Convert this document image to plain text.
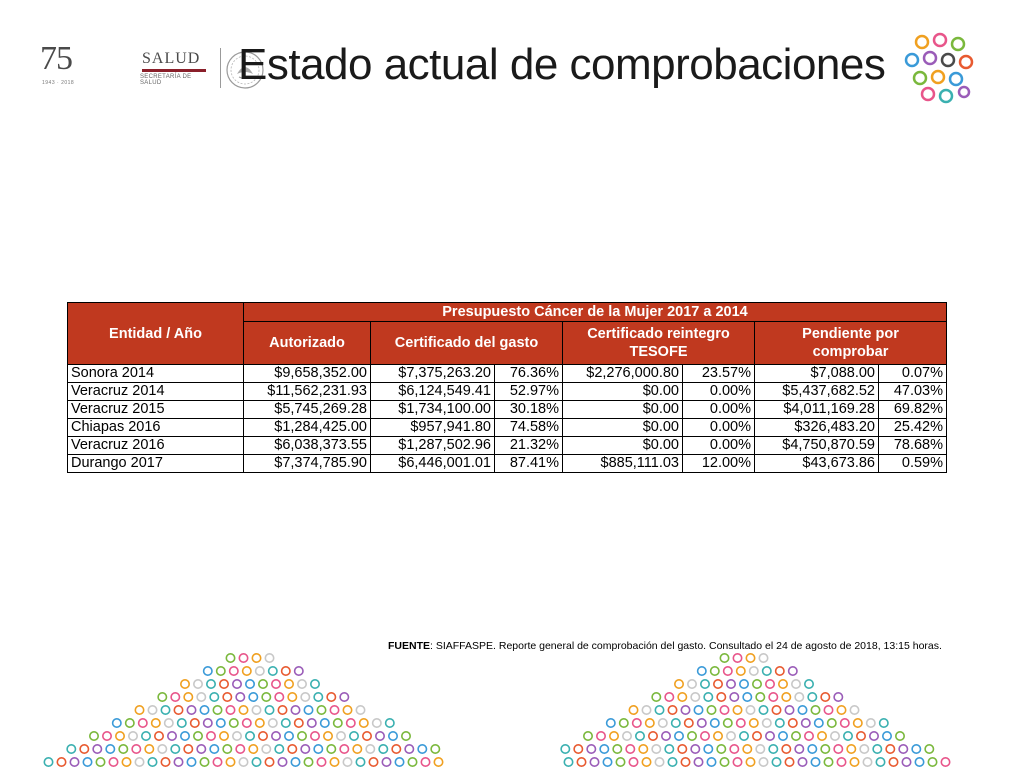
75
1943 · 2018
SALUD
SECRETARÍA DE SALUD	Estado actual de comprobaciones
Entidad / Año	Presupuesto Cáncer de la Mujer 2017 a 2014						
	Autorizado	Certificado del gasto		Certificado reintegro
TESOFE		Pendiente por
comprobar	
Sonora 2014	$9,658,352.00	$7,375,263.20	76.36%	$2,276,000.80	23.57%	$7,088.00	0.07%
Veracruz 2014	$11,562,231.93	$6,124,549.41	52.97%	$0.00	0.00%	$5,437,682.52	47.03%
Veracruz 2015	$5,745,269.28	$1,734,100.00	30.18%	$0.00	0.00%	$4,011,169.28	69.82%
Chiapas 2016	$1,284,425.00	$957,941.80	74.58%	$0.00	0.00%	$326,483.20	25.42%
Veracruz 2016	$6,038,373.55	$1,287,502.96	21.32%	$0.00	0.00%	$4,750,870.59	78.68%
Durango 2017	$7,374,785.90	$6,446,001.01	87.41%	$885,111.03	12.00%	$43,673.86	0.59%
FUENTE: SIAFFASPE. Reporte general de comprobación del gasto. Consultado el 24 de agosto de 2018, 13:15 horas.
